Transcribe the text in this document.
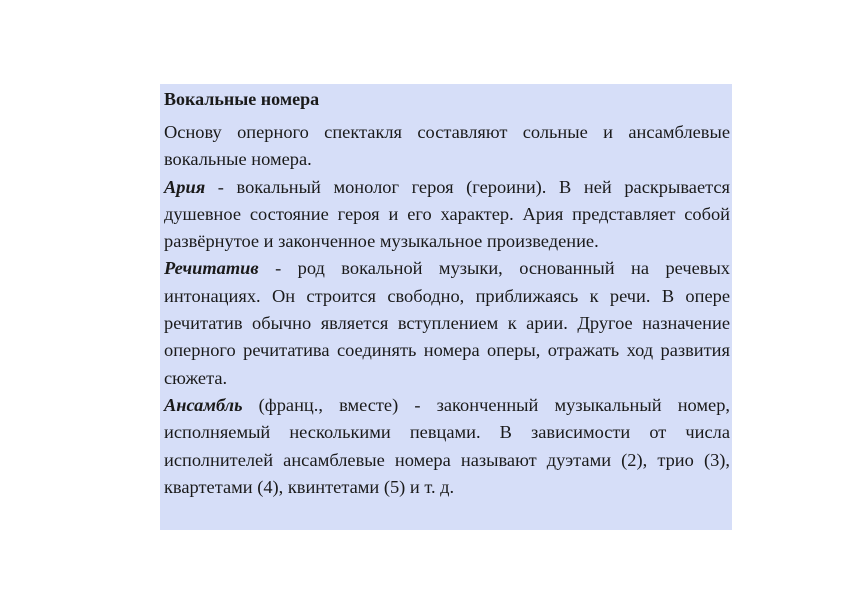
Вокальные номера

Основу оперного спектакля составляют сольные и ансамблевые вокальные номера.

Ария - вокальный монолог героя (героини). В ней раскрывается душевное состояние героя и его характер. Ария представляет собой развёрнутое и законченное музыкальное произведение.

Речитатив - род вокальной музыки, основанный на речевых интонациях. Он строится свободно, приближаясь к речи. В опере речитатив обычно является вступлением к арии. Другое назначение оперного речитатива соединять номера оперы, отражать ход развития сюжета.

Ансамбль (франц., вместе) - законченный музыкальный номер, исполняемый несколькими певцами. В зависимости от числа исполнителей ансамблевые номера называют дуэтами (2), трио (3), квартетами (4), квинтетами (5) и т. д.
